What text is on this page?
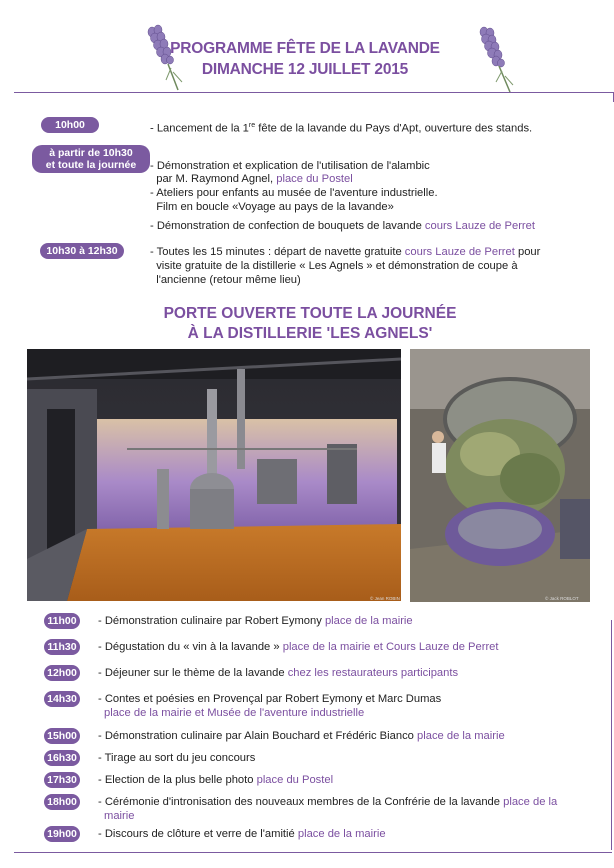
PROGRAMME FÊTE DE LA LAVANDE
DIMANCHE 12 JUILLET 2015
10h00	- Lancement de la 1re fête de la lavande du Pays d'Apt, ouverture des stands.
à partir de 10h30
et toute la journée - Démonstration et explication de l'utilisation de l'alambic
par M. Raymond Agnel, place du Postel
- Ateliers pour enfants au musée de l'aventure industrielle.
Film en boucle «Voyage au pays de la lavande»
- Démonstration de confection de bouquets de lavande cours Lauze de Perret
10h30 à 12h30	- Toutes les 15 minutes : départ de navette gratuite cours Lauze de Perret pour
visite gratuite de la distillerie « Les Agnels » et démonstration de coupe à
l'ancienne (retour même lieu)
PORTE OUVERTE TOUTE LA JOURNÉE
À LA DISTILLERIE 'LES AGNELS'
© Jean ROBIN	© Jack ROBLOT
11h00	- Démonstration culinaire par Robert Eymony place de la mairie
11h30	- Dégustation du « vin à la lavande » place de la mairie et Cours Lauze de Perret
12h00 - Déjeuner sur le thème de la lavande chez les restaurateurs participants
14h30 - Contes et poésies en Provençal par Robert Eymony et Marc Dumas
place de la mairie et Musée de l'aventure industrielle
15h00 - Démonstration culinaire par Alain Bouchard et Frédéric Bianco place de la mairie
16h30 - Tirage au sort du jeu concours
17h30 - Election de la plus belle photo place du Postel
18h00 - Cérémonie d'intronisation des nouveaux membres de la Confrérie de la lavande place de la
mairie
19h00 - Discours de clôture et verre de l'amitié place de la mairie
